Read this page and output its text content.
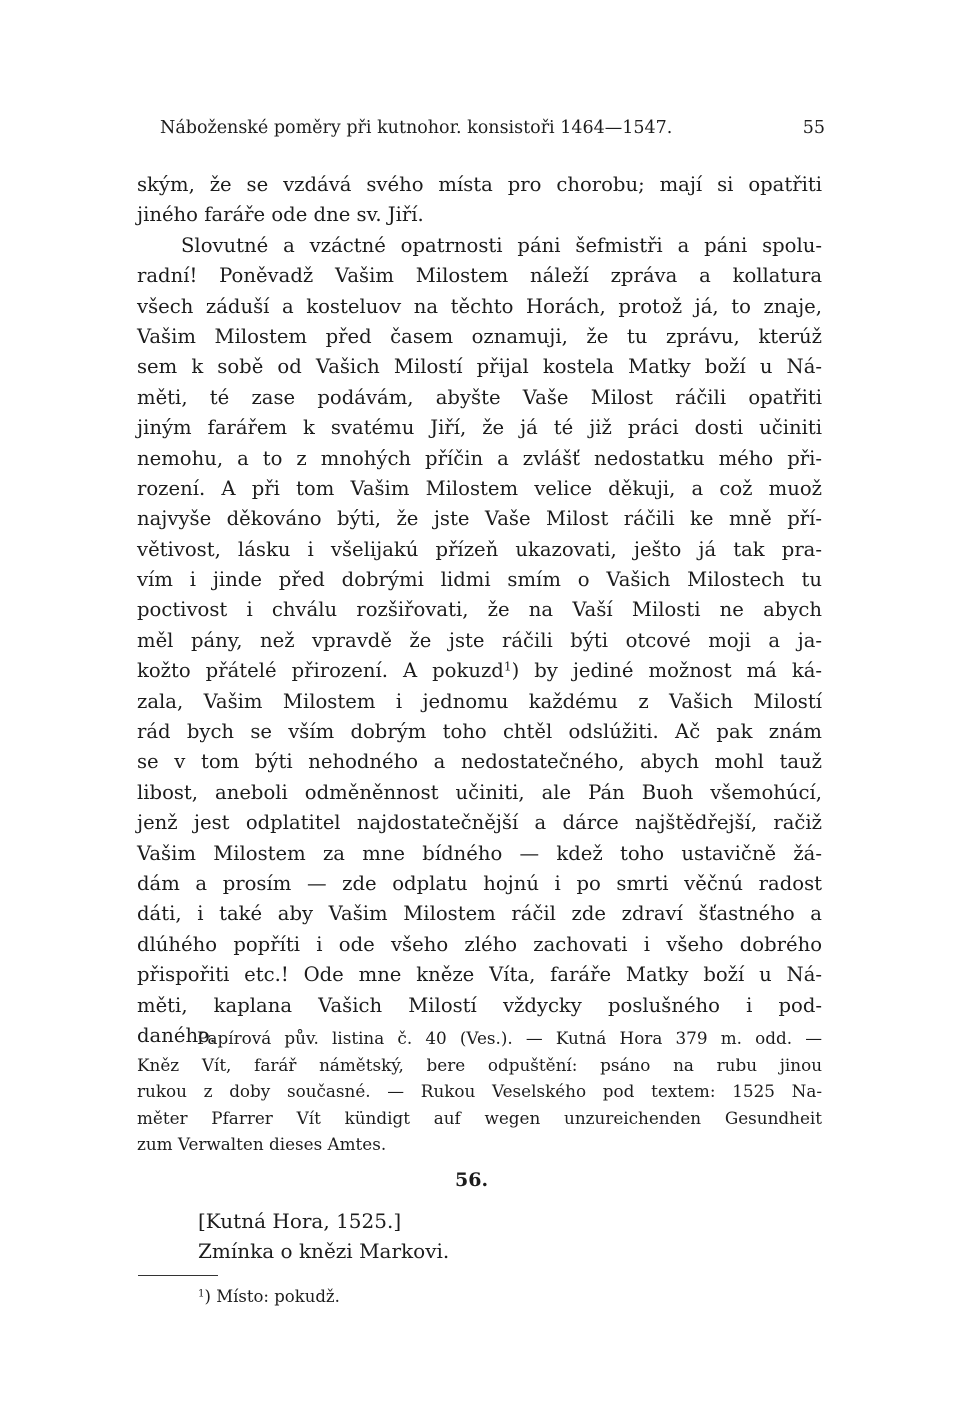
Náboženské poměry při kutnohor. konsistoři 1464—1547.	55
ským, že se vzdává svého místa pro chorobu; mají si opatřiti
jiného faráře ode dne sv. Jiří.
Slovutné a vzáctné opatrnosti páni šefmistři a páni spolu-
radní! Poněvadž Vašim Milostem náleží zpráva a kollatura
všech záduší a kosteluov na těchto Horách, protož já, to znaje,
Vašim Milostem před časem oznamuji, že tu zprávu, kterúž
sem k sobě od Vašich Milostí přijal kostela Matky boží u Ná-
měti, té zase podávám, abyšte Vaše Milost ráčili opatřiti
jiným farářem k svatému Jiří, že já té již práci dosti učiniti
nemohu, a to z mnohých příčin a zvlášť nedostatku mého při-
rození. A při tom Vašim Milostem velice děkuji, a což muož
najvyše děkováno býti, že jste Vaše Milost ráčili ke mně pří-
větivost, lásku i všelijakú přízeň ukazovati, ješto já tak pra-
vím i jinde před dobrými lidmi smím o Vašich Milostech tu
poctivost i chválu rozšiřovati, že na Vaší Milosti ne abych
měl pány, než vpravdě že jste ráčili býti otcové moji a ja-
kožto přátelé přirození. A pokuzd$^1$) by jediné možnost má ká-
zala, Vašim Milostem i jednomu každému z Vašich Milostí
rád bych se vším dobrým toho chtěl odslúžiti. Ač pak znám
se v tom býti nehodného a nedostatečného, abych mohl tauž
libost, aneboli odměněnnost učiniti, ale Pán Buoh všemohúcí,
jenž jest odplatitel najdostatečnější a dárce najštědřejší, račiž
Vašim Milostem za mne bídného — kdež toho ustavičně žá-
dám a prosím — zde odplatu hojnú i po smrti věčnú radost
dáti, i také aby Vašim Milostem ráčil zde zdraví šťastného a
dlúhého popříti i ode všeho zlého zachovati i všeho dobrého
přispořiti etc.! Ode mne kněze Víta, faráře Matky boží u Ná-
měti, kaplana Vašich Milostí vždycky poslušného i pod-
daného.
Papírová pův. listina č. 40 (Ves.). — Kutná Hora 379 m. odd. —
Kněz Vít, farář námětský, bere odpuštění: psáno na rubu jinou
rukou z doby současné. — Rukou Veselského pod textem: 1525 Na-
měter Pfarrer Vít kündigt auf wegen unzureichenden Gesundheit
zum Verwalten dieses Amtes.
56.
[Kutná Hora, 1525.]
Zmínka o knězi Markovi.
$^1$) Místo: pokudž.
